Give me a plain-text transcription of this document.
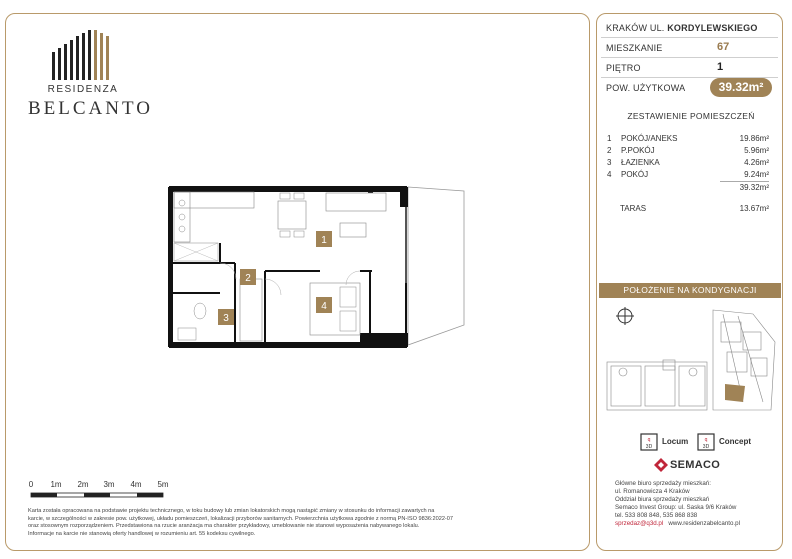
RESIDENZA
BELCANTO
1
2
3
4
0 1m 2m 3m 4m 5m
Karta została opracowana na podstawie projektu technicznego, w toku budowy lub zmian lokatorskich mogą nastąpić zmiany w stosunku do informacji zawartych na
karcie, w szczególności w zakresie pow. użytkowej, układu pomieszczeń, lokalizacji przyborów sanitarnych. Powierzchnia użytkowa zgodnie z normą PN-ISO 9836:2022-07
oraz stosownym rozporządzeniem. Przedstawiona na rzucie aranżacja ma charakter przykładowy, umeblowanie nie stanowi wyposażenia nabywanego lokalu.
Informacje na karcie nie stanowią oferty handlowej w rozumieniu art. 55 kodeksu cywilnego.
KRAKÓW UL. KORDYLEWSKIEGO
MIESZKANIE	67
PIĘTRO	1
POW. UŻYTKOWA	39.32m²
ZESTAWIENIE POMIESZCZEŃ
1 POKÓJ/ANEKS	19.86m²
2 P.POKÓJ	5.96m²
3 ŁAZIENKA	4.26m²
4 POKÓJ	9.24m²
39.32m²
TARAS	13.67m²
POŁOŻENIE NA KONDYGNACJI
q
3D
Locum	q
3D
Concept
SEMACO
Główne biuro sprzedaży mieszkań:
ul. Romanowicza 4 Kraków
Oddział biura sprzedaży mieszkań
Semaco Invest Group: ul. Saska 9/6 Kraków
tel. 533 808 848, 535 868 838
sprzedaz@q3d.pl www.residenzabelcanto.pl
